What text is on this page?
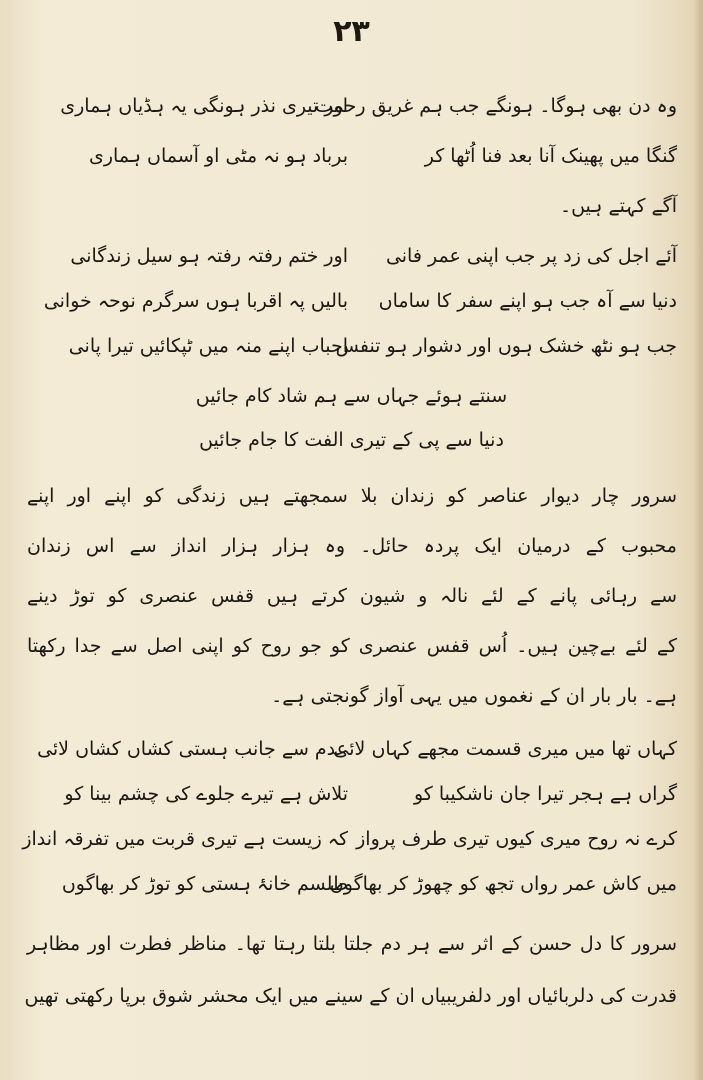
۲۳
وہ دن بھی ہوگا۔ ہونگے جب ہم غریق رحمت
اور تیری نذر ہونگی یہ ہڈیاں ہماری
گنگا میں پھینک آنا بعد فنا اُٹھا کر
برباد ہو نہ مٹی او آسماں ہماری
آگے کہتے ہیں۔
آئے اجل کی زد پر جب اپنی عمر فانی
اور ختم رفتہ رفتہ ہو سیل زندگانی
دنیا سے آہ جب ہو اپنے سفر کا ساماں
بالیں پہ اقربا ہوں سرگرم نوحہ خوانی
جب ہو نٹھ خشک ہوں اور دشوار ہو تنفس
احباب اپنے منہ میں ٹپکائیں تیرا پانی
سنتے ہوئے جہاں سے ہم شاد کام جائیں
دنیا سے پی کے تیری الفت کا جام جائیں
سرور چار دیوار عناصر کو زندان بلا سمجھتے ہیں زندگی کو اپنے اور اپنے
محبوب کے درمیان ایک پردہ حائل۔ وہ ہزار ہزار انداز سے اس زندان
سے رہائی پانے کے لئے نالہ و شیون کرتے ہیں قفس عنصری کو توڑ دینے
کے لئے بےچین ہیں۔ اُس قفس عنصری کو جو روح کو اپنی اصل سے جدا رکھتا
ہے۔ بار بار ان کے نغموں میں یہی آواز گونجتی ہے۔
کہاں تھا میں میری قسمت مجھے کہاں لائی
عدم سے جانب ہستی کشاں کشاں لائی
گراں ہے ہجر تیرا جان ناشکیبا کو
تلاش ہے تیرے جلوے کی چشم بینا کو
کرے نہ روح میری کیوں تیری طرف پرواز
کہ زیست ہے تیری قربت میں تفرقہ انداز
میں کاش عمر رواں تجھ کو چھوڑ کر بھاگوں
طلسم خانۂ ہستی کو توڑ کر بھاگوں
سرور کا دل حسن کے اثر سے ہر دم جلتا بلتا رہتا تھا۔ مناظر فطرت اور مظاہر
قدرت کی دلربائیاں اور دلفریبیاں ان کے سینے میں ایک محشر شوق برپا رکھتی تھیں
